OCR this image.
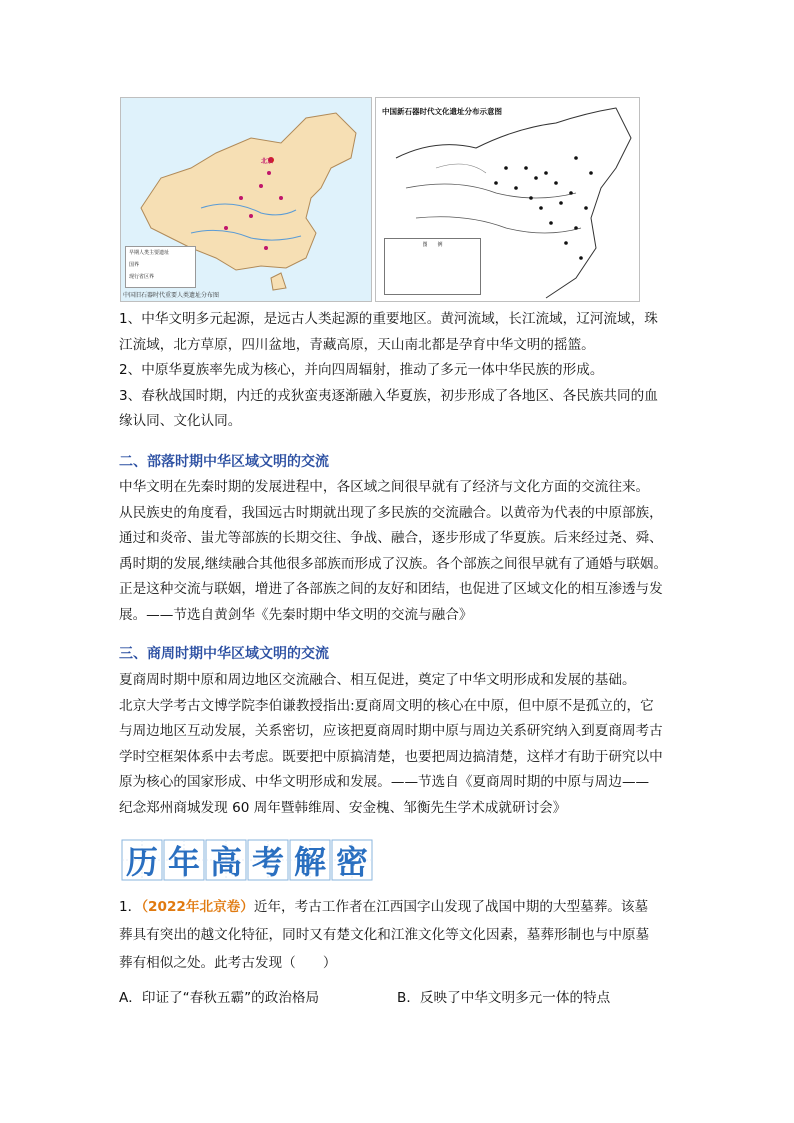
北京
早期人类主要遗址
国界
现行省区界
中国旧石器时代重要人类遗址分布图
中国新石器时代文化遗址分布示意图
图　　例
1、中华文明多元起源，是远古人类起源的重要地区。黄河流域，长江流域，辽河流域，珠
江流域，北方草原，四川盆地，青藏高原，天山南北都是孕育中华文明的摇篮。
2、中原华夏族率先成为核心，并向四周辐射，推动了多元一体中华民族的形成。
3、春秋战国时期，内迁的戎狄蛮夷逐渐融入华夏族，初步形成了各地区、各民族共同的血
缘认同、文化认同。
二、部落时期中华区域文明的交流
中华文明在先秦时期的发展进程中，各区域之间很早就有了经济与文化方面的交流往来。
从民族史的角度看，我国远古时期就出现了多民族的交流融合。以黄帝为代表的中原部族，
通过和炎帝、蚩尤等部族的长期交往、争战、融合，逐步形成了华夏族。后来经过尧、舜、
禹时期的发展,继续融合其他很多部族而形成了汉族。各个部族之间很早就有了通婚与联姻。
正是这种交流与联姻，增进了各部族之间的友好和团结，也促进了区域文化的相互渗透与发
展。——节选自黄剑华《先秦时期中华文明的交流与融合》
三、商周时期中华区域文明的交流
夏商周时期中原和周边地区交流融合、相互促进，奠定了中华文明形成和发展的基础。
北京大学考古文博学院李伯谦教授指出:夏商周文明的核心在中原，但中原不是孤立的，它
与周边地区互动发展，关系密切，应该把夏商周时期中原与周边关系研究纳入到夏商周考古
学时空框架体系中去考虑。既要把中原搞清楚，也要把周边搞清楚，这样才有助于研究以中
原为核心的国家形成、中华文明形成和发展。——节选自《夏商周时期的中原与周边——
纪念郑州商城发现 60 周年暨韩维周、安金槐、邹衡先生学术成就研讨会》
历 年 高 考 解 密
1．（2022年北京卷）近年，考古工作者在江西国字山发现了战国中期的大型墓葬。该墓
葬具有突出的越文化特征，同时又有楚文化和江淮文化等文化因素，墓葬形制也与中原墓
葬有相似之处。此考古发现（　　）
A．印证了“春秋五霸”的政治格局	B．反映了中华文明多元一体的特点
